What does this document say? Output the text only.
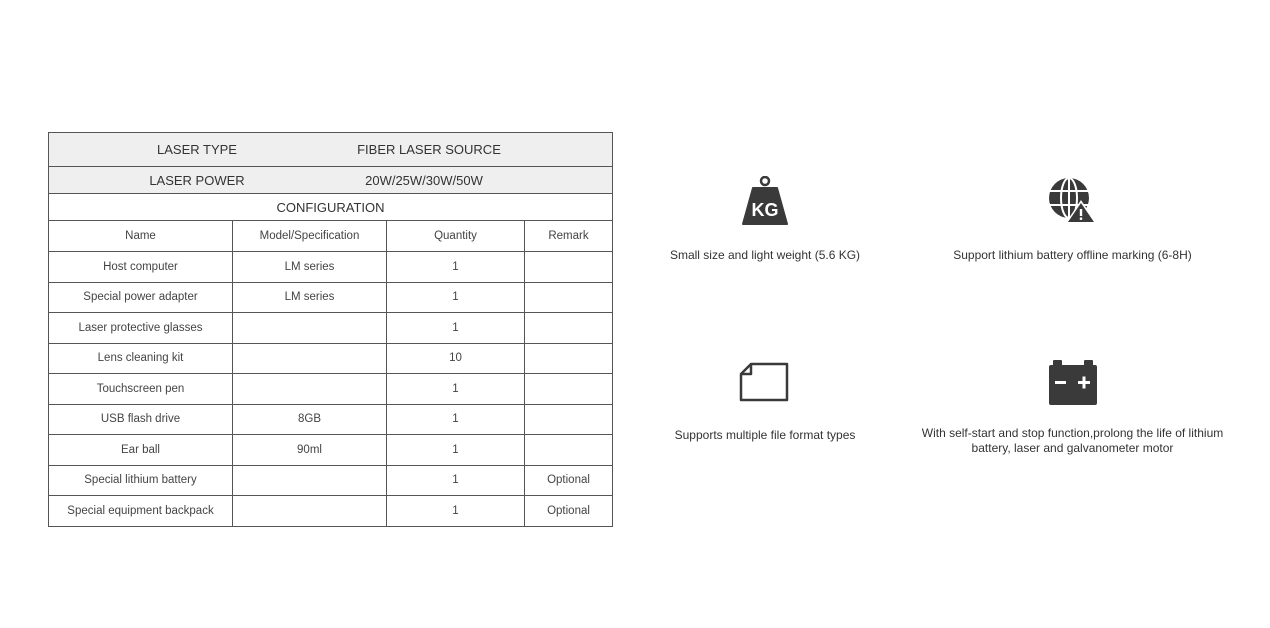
LASER TYPE FIBER LASER SOURCE			

LASER POWER 20W/25W/30W/50W			

CONFIGURATION			
Name	Model/Specification	Quantity	Remark
Host computer	LM series	1	
Special power adapter	LM series	1	
Laser protective glasses		1	
Lens cleaning kit		10	
Touchscreen pen		1	
USB flash drive	8GB	1	
Ear ball	90ml	1	
Special lithium battery		1	Optional
Special equipment backpack		1	Optional
KG
Small size and light weight (5.6 KG)	Support lithium battery offline marking (6-8H)
Supports multiple file format types	With self-start and stop function,prolong the life of lithium battery, laser and galvanometer motor
